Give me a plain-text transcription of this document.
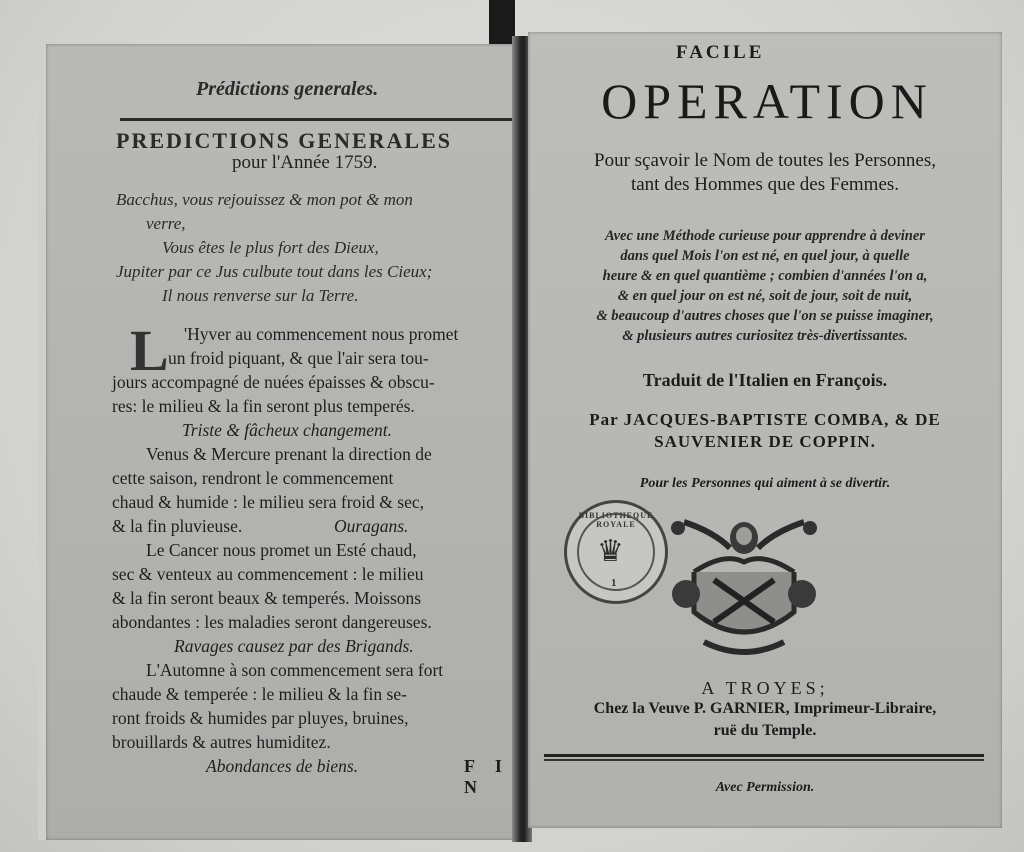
Prédictions generales.
PREDICTIONS GENERALES
pour l'Année 1759.
Bacchus, vous rejouissez & mon pot & mon
verre,
Vous êtes le plus fort des Dieux,
Jupiter par ce Jus culbute tout dans les Cieux;
Il nous renverse sur la Terre.
L 'Hyver au commencement nous promet
un froid piquant, & que l'air sera tou-
jours accompagné de nuées épaisses & obscu-
res: le milieu & la fin seront plus temperés.
Triste & fâcheux changement.
Venus & Mercure prenant la direction de
cette saison, rendront le commencement
chaud & humide : le milieu sera froid & sec,
& la fin pluvieuse.	Ouragans.
Le Cancer nous promet un Esté chaud,
sec & venteux au commencement : le milieu
& la fin seront beaux & temperés. Moissons
abondantes : les maladies seront dangereuses.
Ravages causez par des Brigands.
L'Automne à son commencement sera fort
chaude & temperée : le milieu & la fin se-
ront froids & humides par pluyes, bruines,
brouillards & autres humiditez.
Abondances de biens.	F I N
FACILE
OPERATION
Pour sçavoir le Nom de toutes les Personnes,
tant des Hommes que des Femmes.
Avec une Méthode curieuse pour apprendre à deviner
dans quel Mois l'on est né, en quel jour, à quelle
heure & en quel quantième ; combien d'années l'on a,
& en quel jour on est né, soit de jour, soit de nuit,
& beaucoup d'autres choses que l'on se puisse imaginer,
& plusieurs autres curiositez très-divertissantes.
Traduit de l'Italien en François.
Par JACQUES-BAPTISTE COMBA, & DE
SAUVENIER DE COPPIN.
Pour les Personnes qui aiment à se divertir.
BIBLIOTHEQUE ROYALE
♛
1
A TROYES;
Chez la Veuve P. GARNIER, Imprimeur-Libraire,
ruë du Temple.
Avec Permission.
